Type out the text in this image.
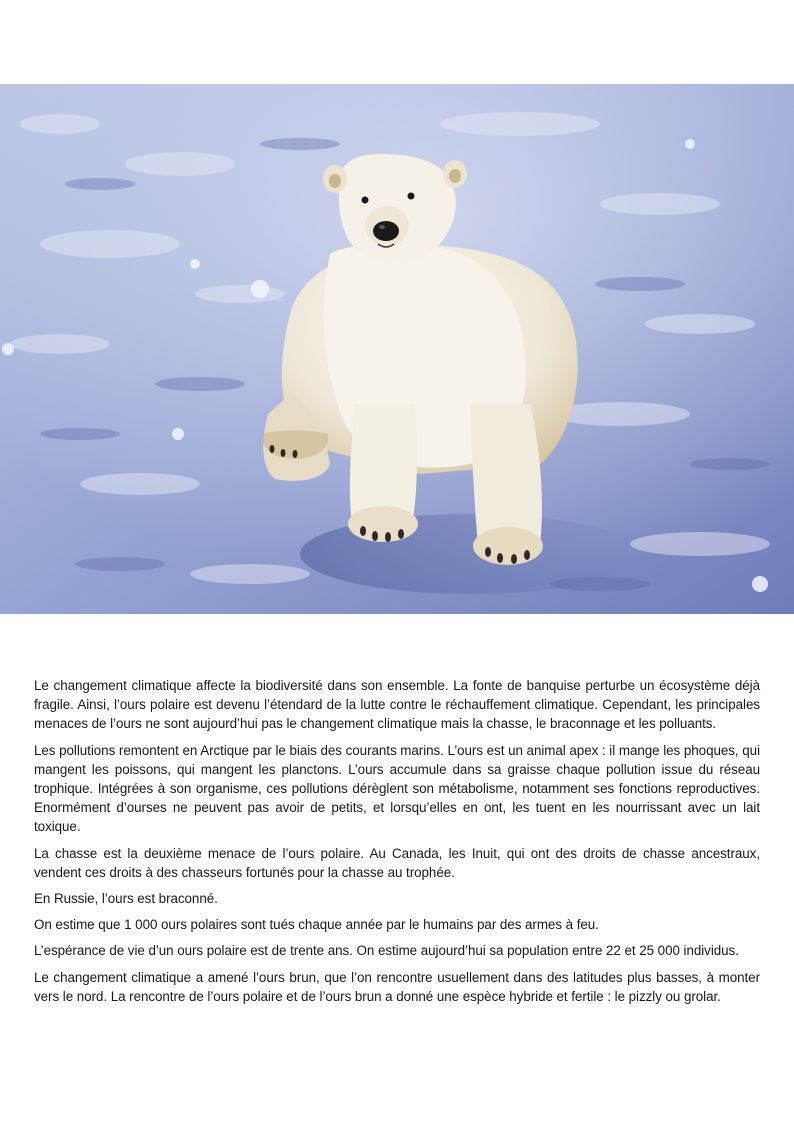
Le changement climatique affecte la biodiversité dans son ensemble. La fonte de banquise perturbe un écosystème déjà fragile. Ainsi, l’ours polaire est devenu l’étendard de la lutte contre le réchauffement climatique. Cependant, les principales menaces de l’ours ne sont aujourd’hui pas le changement climatique mais la chasse, le braconnage et les polluants.

Les pollutions remontent en Arctique par le biais des courants marins. L’ours est un animal apex : il mange les phoques, qui mangent les poissons, qui mangent les planctons. L’ours accumule dans sa graisse chaque pollution issue du réseau trophique. Intégrées à son organisme, ces pollutions dérèglent son métabolisme, notamment ses fonctions reproductives. Enormément d’ourses ne peuvent pas avoir de petits, et lorsqu’elles en ont, les tuent en les nourrissant avec un lait toxique.

La chasse est la deuxième menace de l’ours polaire. Au Canada, les Inuit, qui ont des droits de chasse ancestraux, vendent ces droits à des chasseurs fortunés pour la chasse au trophée.

En Russie, l’ours est braconné.

On estime que 1 000 ours polaires sont tués chaque année par le humains par des armes à feu.

L’espérance de vie d’un ours polaire est de trente ans. On estime aujourd’hui sa population entre 22 et 25 000 individus.

Le changement climatique a amené l’ours brun, que l’on rencontre usuellement dans des latitudes plus basses, à monter vers le nord. La rencontre de l’ours polaire et de l’ours brun a donné une espèce hybride et fertile : le pizzly ou grolar.
